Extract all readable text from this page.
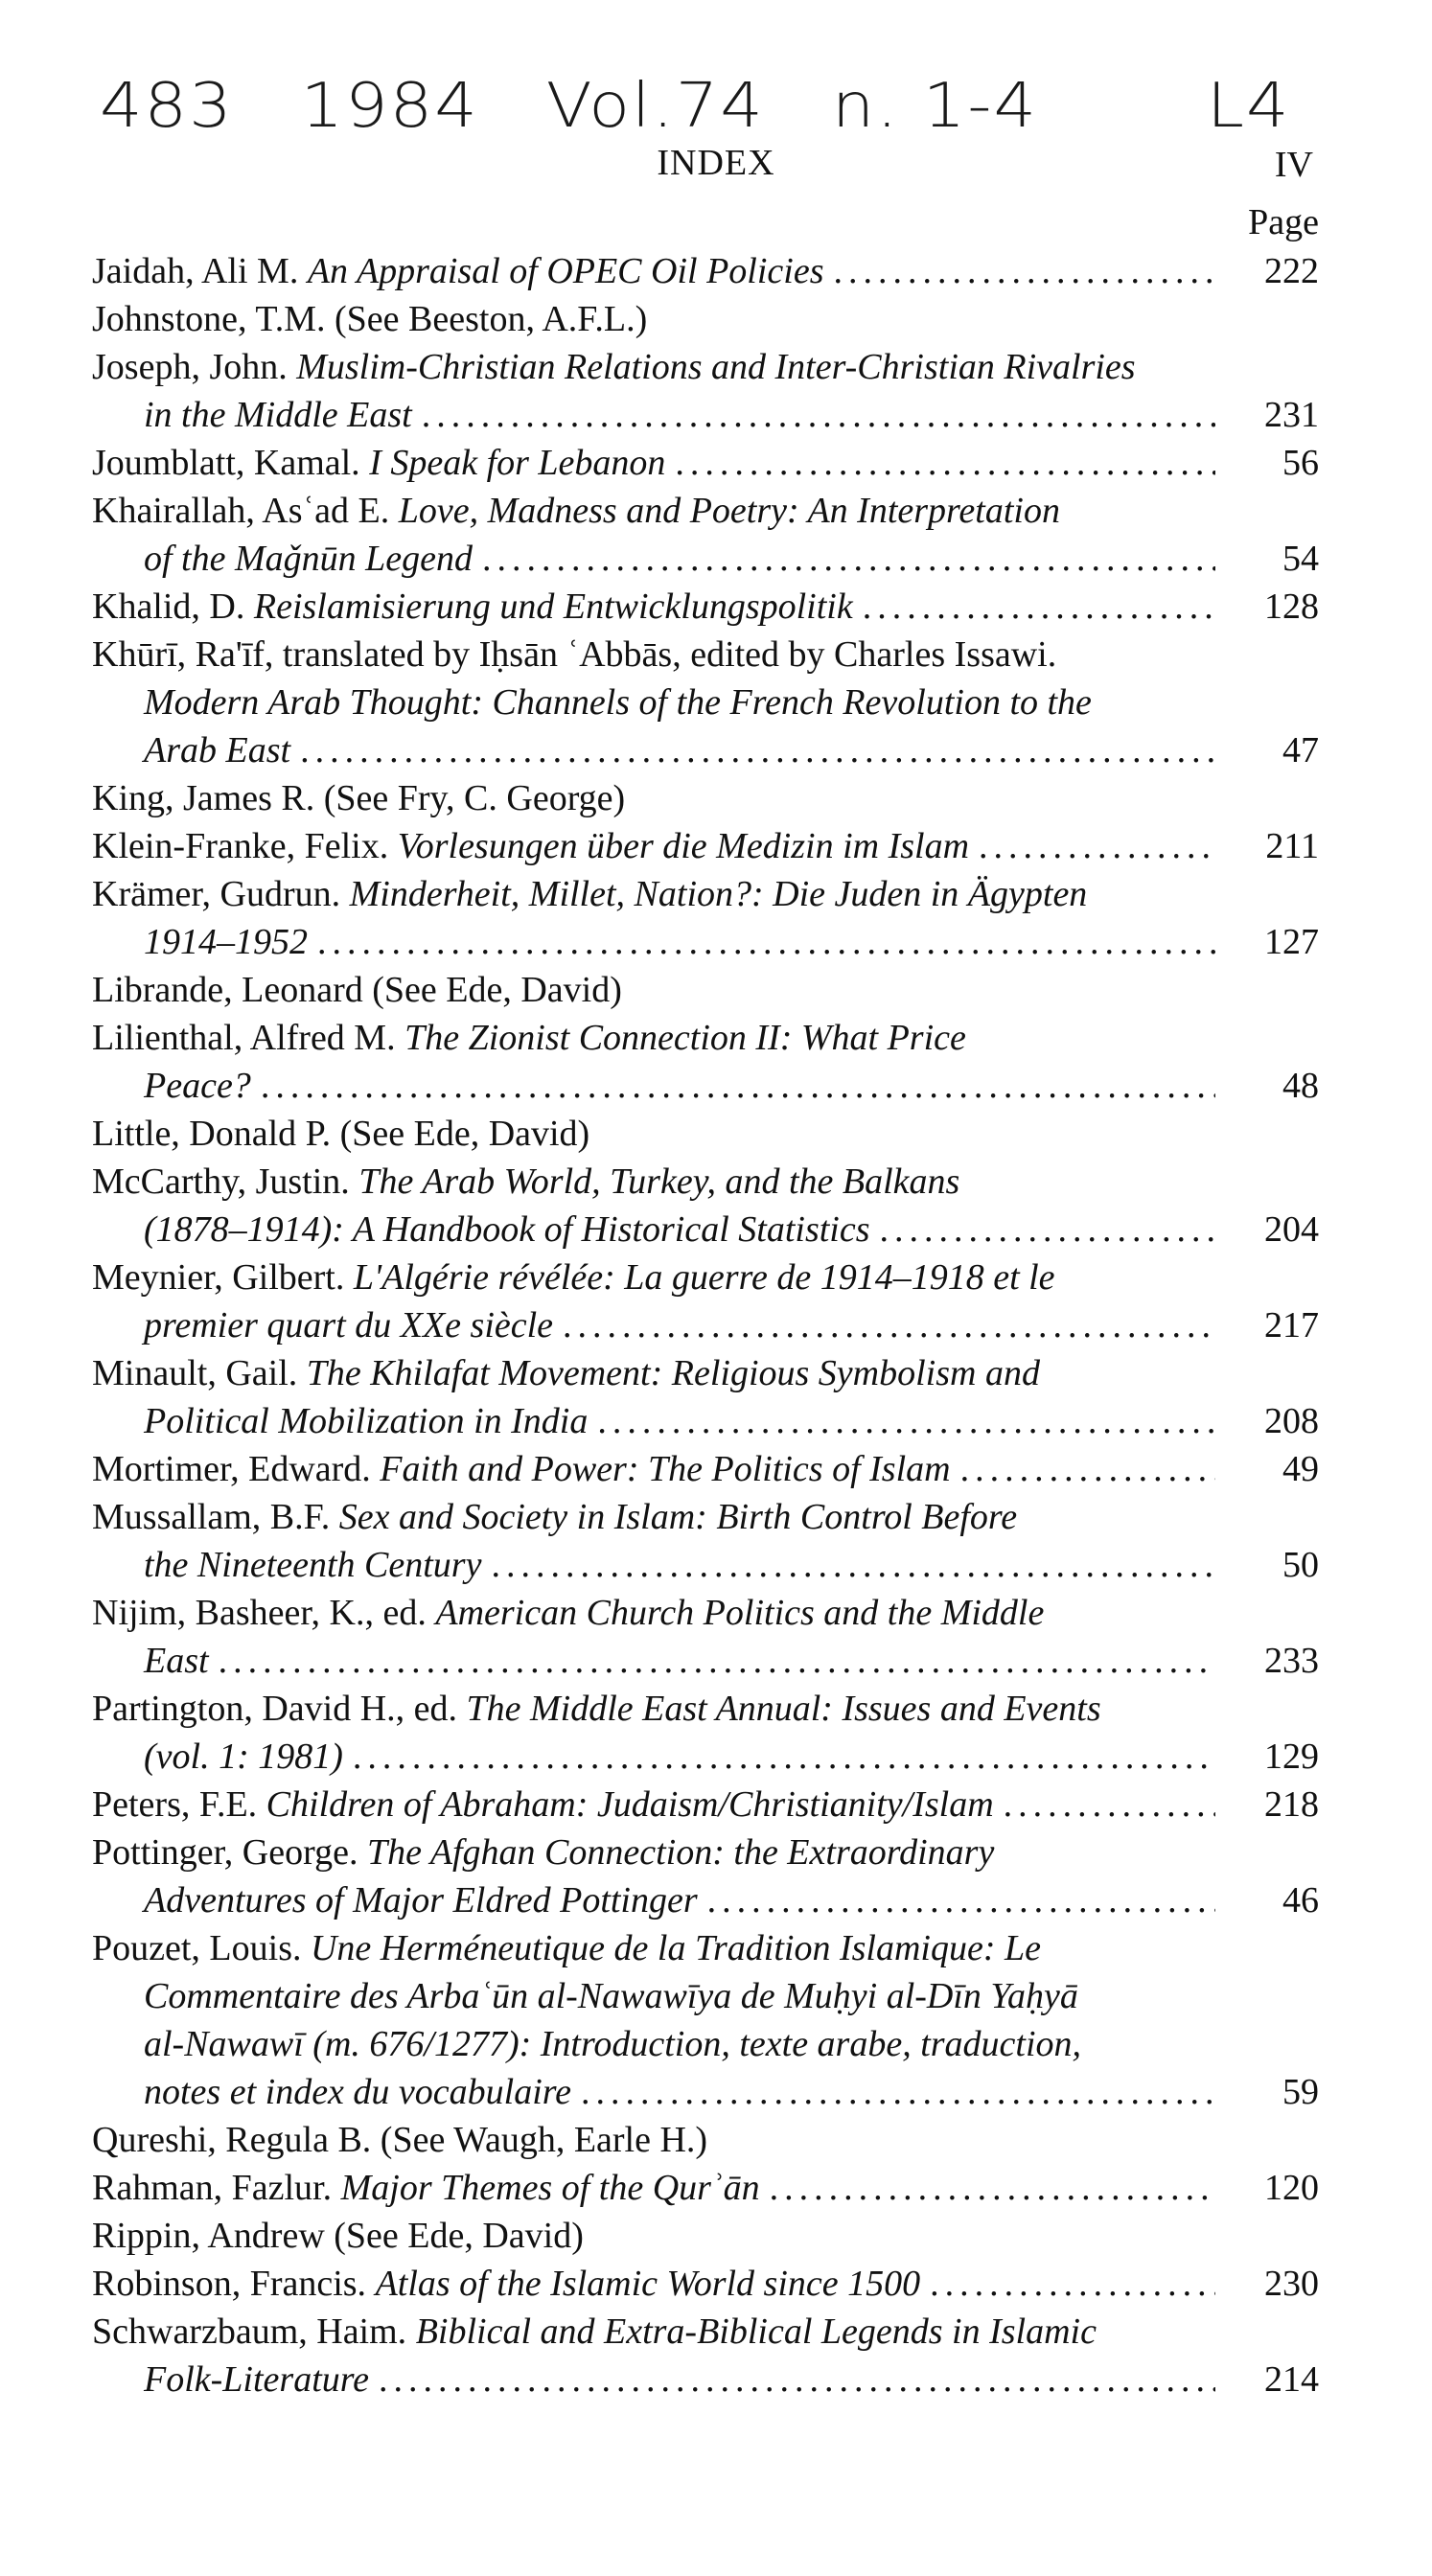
483 1984 Vol.74 n. 1-4	L4
INDEX	IV
Page
Jaidah, Ali M. An Appraisal of OPEC Oil Policies .....	222
Johnstone, T.M. (See Beeston, A.F.L.)
Joseph, John. Muslim-Christian Relations and Inter-Christian Rivalries
in the Middle East .....	231
Joumblatt, Kamal. I Speak for Lebanon .....	56
Khairallah, Asʿad E. Love, Madness and Poetry: An Interpretation
of the Maǧnūn Legend .....	54
Khalid, D. Reislamisierung und Entwicklungspolitik .....	128
Khūrī, Ra'īf, translated by Iḥsān ʿAbbās, edited by Charles Issawi.
Modern Arab Thought: Channels of the French Revolution to the
Arab East .....	47
King, James R. (See Fry, C. George)
Klein-Franke, Felix. Vorlesungen über die Medizin im Islam .....	211
Krämer, Gudrun. Minderheit, Millet, Nation?: Die Juden in Ägypten
1914–1952 .....	127
Librande, Leonard (See Ede, David)
Lilienthal, Alfred M. The Zionist Connection II: What Price
Peace? .....	48
Little, Donald P. (See Ede, David)
McCarthy, Justin. The Arab World, Turkey, and the Balkans
(1878–1914): A Handbook of Historical Statistics .....	204
Meynier, Gilbert. L'Algérie révélée: La guerre de 1914–1918 et le
premier quart du XXe siècle .....	217
Minault, Gail. The Khilafat Movement: Religious Symbolism and
Political Mobilization in India .....	208
Mortimer, Edward. Faith and Power: The Politics of Islam .....	49
Mussallam, B.F. Sex and Society in Islam: Birth Control Before
the Nineteenth Century .....	50
Nijim, Basheer, K., ed. American Church Politics and the Middle
East .....	233
Partington, David H., ed. The Middle East Annual: Issues and Events
(vol. 1: 1981) .....	129
Peters, F.E. Children of Abraham: Judaism/Christianity/Islam .....	218
Pottinger, George. The Afghan Connection: the Extraordinary
Adventures of Major Eldred Pottinger .....	46
Pouzet, Louis. Une Herméneutique de la Tradition Islamique: Le
Commentaire des Arbaʿūn al-Nawawīya de Muḥyi al-Dīn Yaḥyā
al-Nawawī (m. 676/1277): Introduction, texte arabe, traduction,
notes et index du vocabulaire .....	59
Qureshi, Regula B. (See Waugh, Earle H.)
Rahman, Fazlur. Major Themes of the Qurʾān .....	120
Rippin, Andrew (See Ede, David)
Robinson, Francis. Atlas of the Islamic World since 1500 .....	230
Schwarzbaum, Haim. Biblical and Extra-Biblical Legends in Islamic
Folk-Literature .....	214
